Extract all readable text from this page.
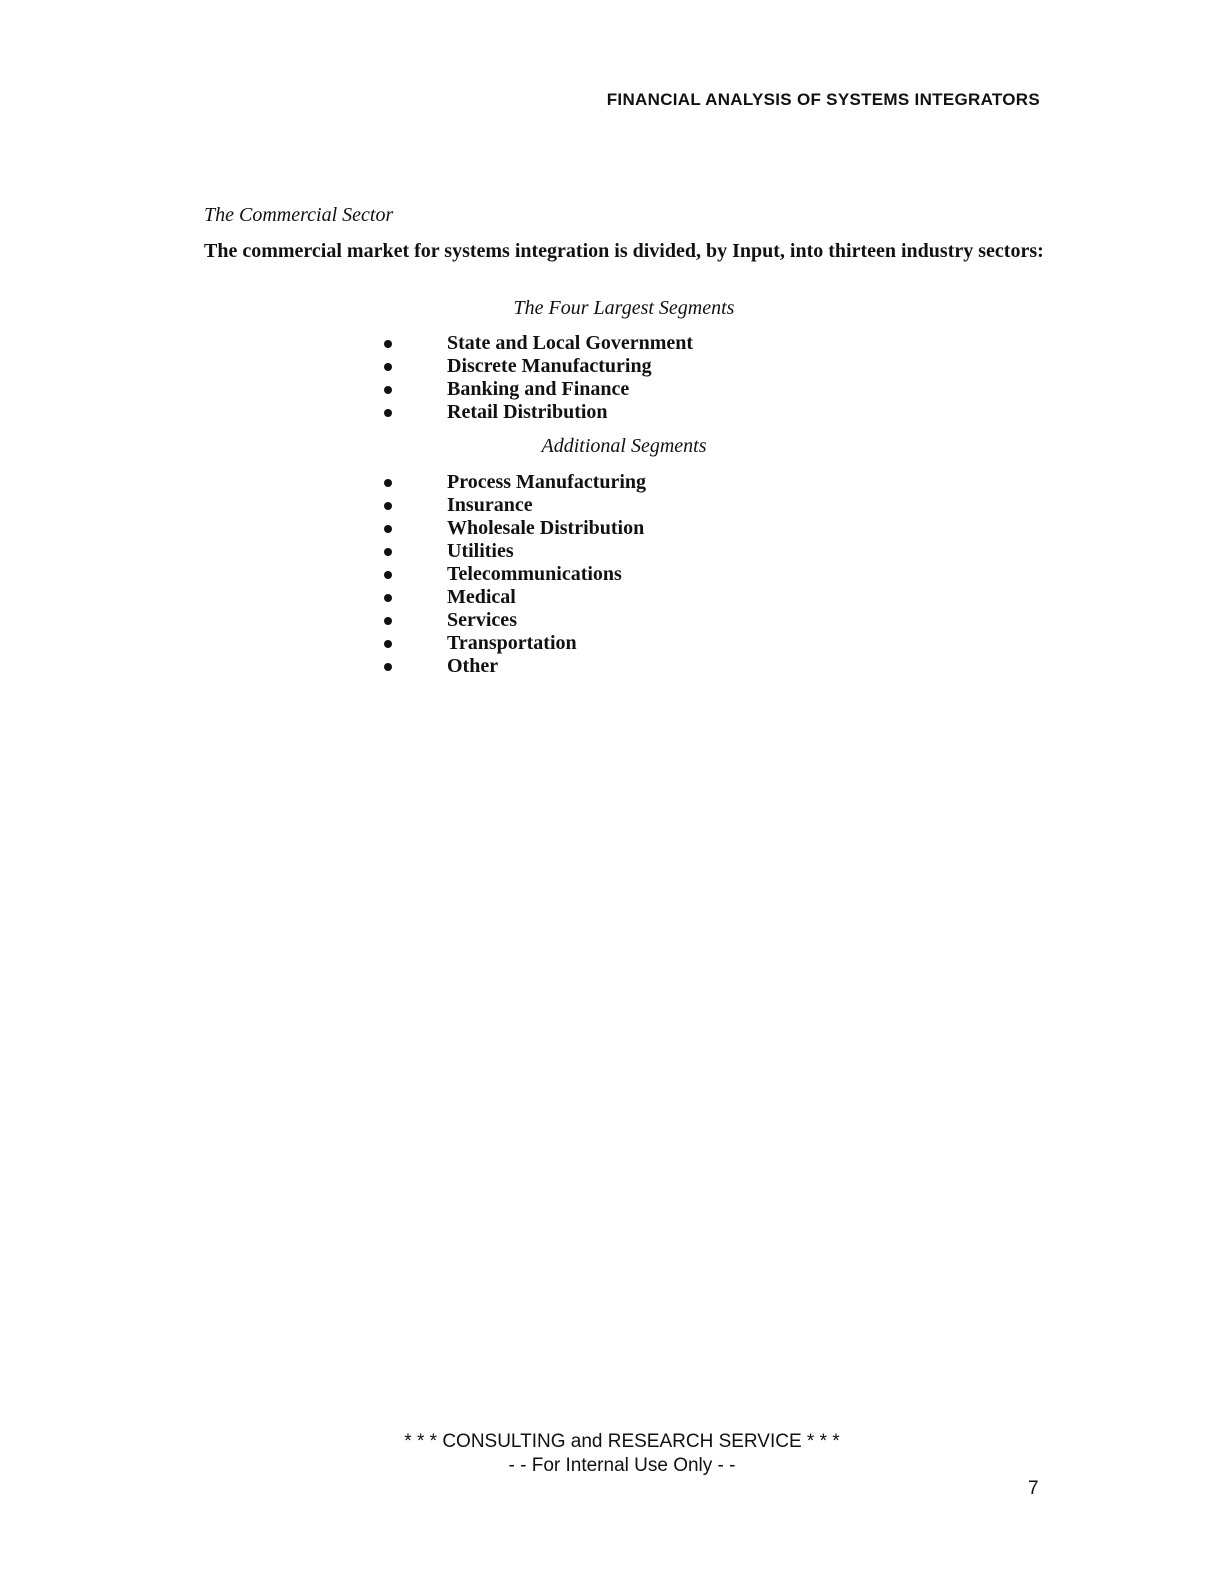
FINANCIAL ANALYSIS OF SYSTEMS INTEGRATORS
The Commercial Sector
The commercial market for systems integration is divided, by Input, into thirteen industry sectors:
The Four Largest Segments
State and Local Government
Discrete Manufacturing
Banking and Finance
Retail Distribution
Additional Segments
Process Manufacturing
Insurance
Wholesale Distribution
Utilities
Telecommunications
Medical
Services
Transportation
Other
* * * CONSULTING and RESEARCH SERVICE * * *
- - For Internal Use Only - -
7
